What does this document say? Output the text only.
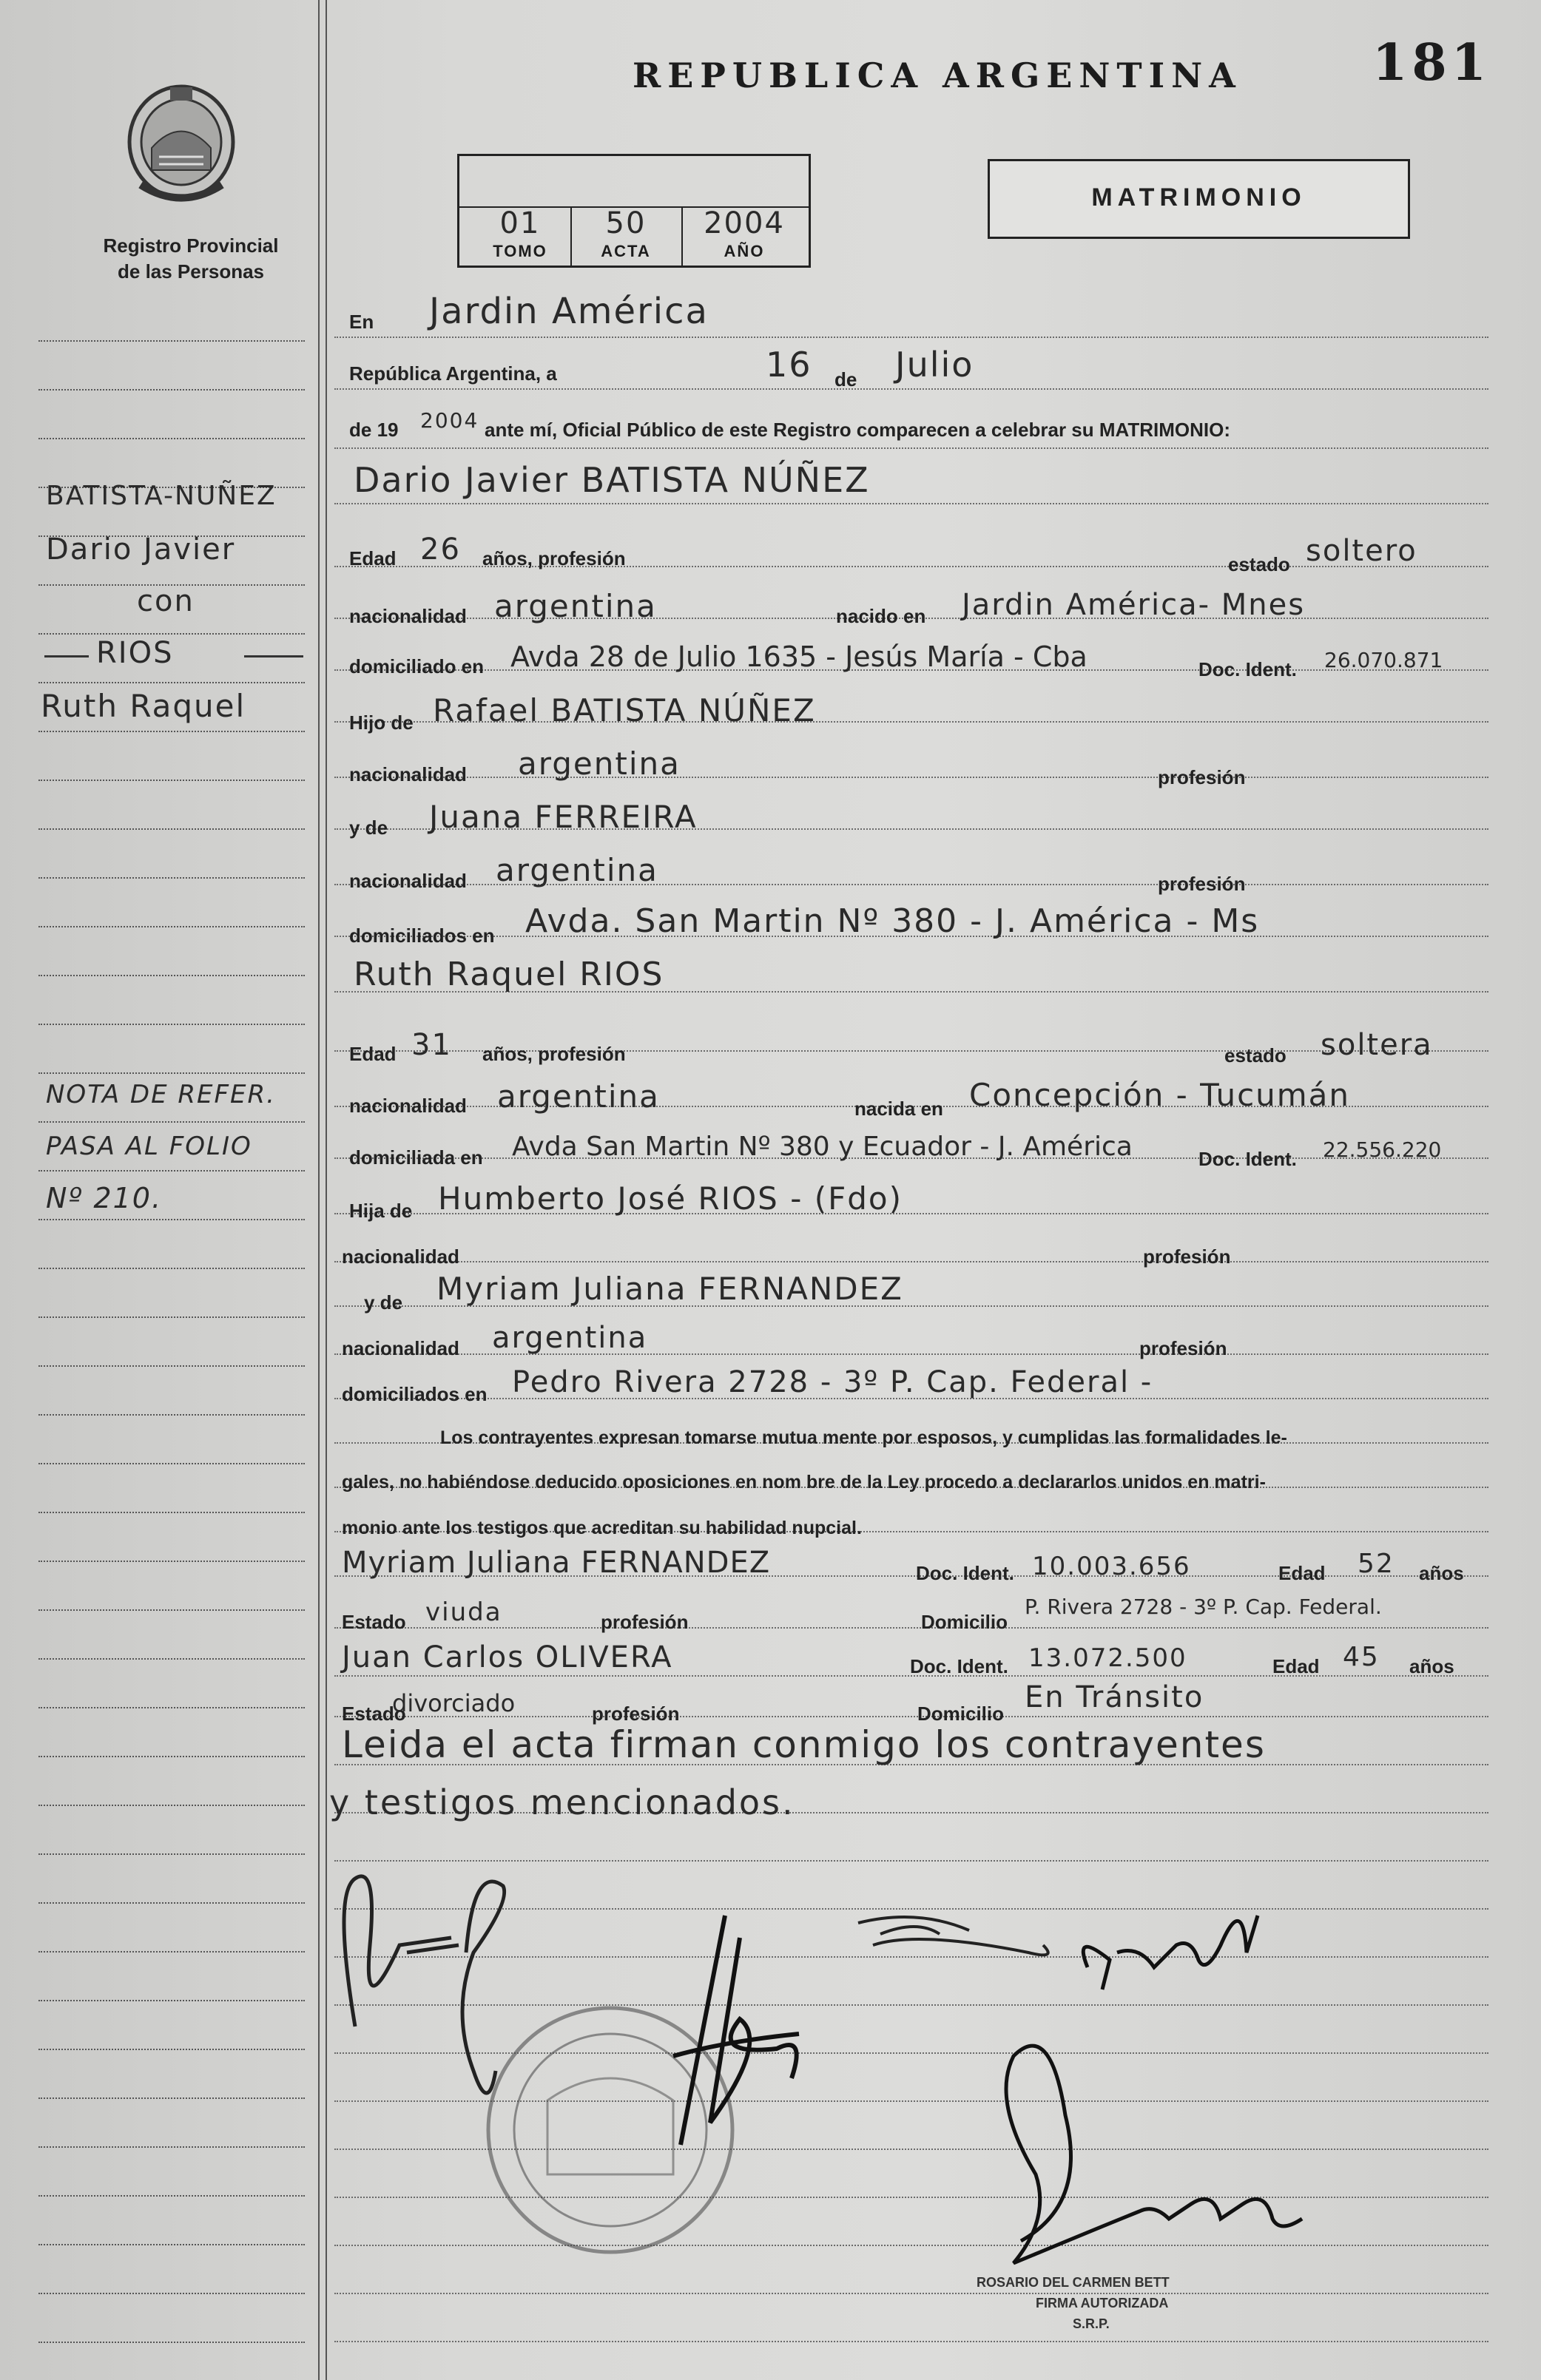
Registro Provincial
de las Personas
REPUBLICA ARGENTINA	181
01	50	2004
TOMO	ACTA	AÑO
MATRIMONIO
BATISTA-NUÑEZ
Dario Javier
con
RIOS
Ruth Raquel
NOTA DE REFER.
PASA AL FOLIO
Nº 210.
En Jardin América
República Argentina, a	16 de Julio
de 19 2004 ante mí, Oficial Público de este Registro comparecen a celebrar su MATRIMONIO:
Dario Javier BATISTA NÚÑEZ
Edad 26 años, profesión	estado soltero
nacionalidad argentina	nacido en Jardin América- Mnes
domiciliado en Avda 28 de Julio 1635 - Jesús María - Cba	Doc. Ident. 26.070.871
Hijo de Rafael BATISTA NÚÑEZ
nacionalidad argentina	profesión
y de Juana FERREIRA
nacionalidad argentina	profesión
domiciliados en Avda. San Martin Nº 380 - J. América - Ms
Ruth Raquel RIOS
Edad 31 años, profesión	estado soltera
nacionalidad argentina	nacida en Concepción - Tucumán
domiciliada en Avda San Martin Nº 380 y Ecuador - J. América	Doc. Ident. 22.556.220
Hija de Humberto José RIOS - (Fdo)
nacionalidad	profesión
y de Myriam Juliana FERNANDEZ
nacionalidad argentina	profesión
domiciliados en Pedro Rivera 2728 - 3º P. Cap. Federal -
Los contrayentes expresan tomarse mutua mente por esposos, y cumplidas las formalidades le-
gales, no habiéndose deducido oposiciones en nom bre de la Ley procedo a declararlos unidos en matri-
monio ante los testigos que acreditan su habilidad nupcial.
Myriam Juliana FERNANDEZ	Doc. Ident. 10.003.656	Edad 52 años
Estado viuda	profesión	Domicilio
P. Rivera 2728 - 3º P. Cap. Federal.
Juan Carlos OLIVERA	Doc. Ident. 13.072.500	Edad 45 años
Estado
divorciado	profesión	Domicilio En Tránsito
Leida el acta firman conmigo los contrayentes
y testigos mencionados.
ROSARIO DEL CARMEN BETT
FIRMA AUTORIZADA
S.R.P.
